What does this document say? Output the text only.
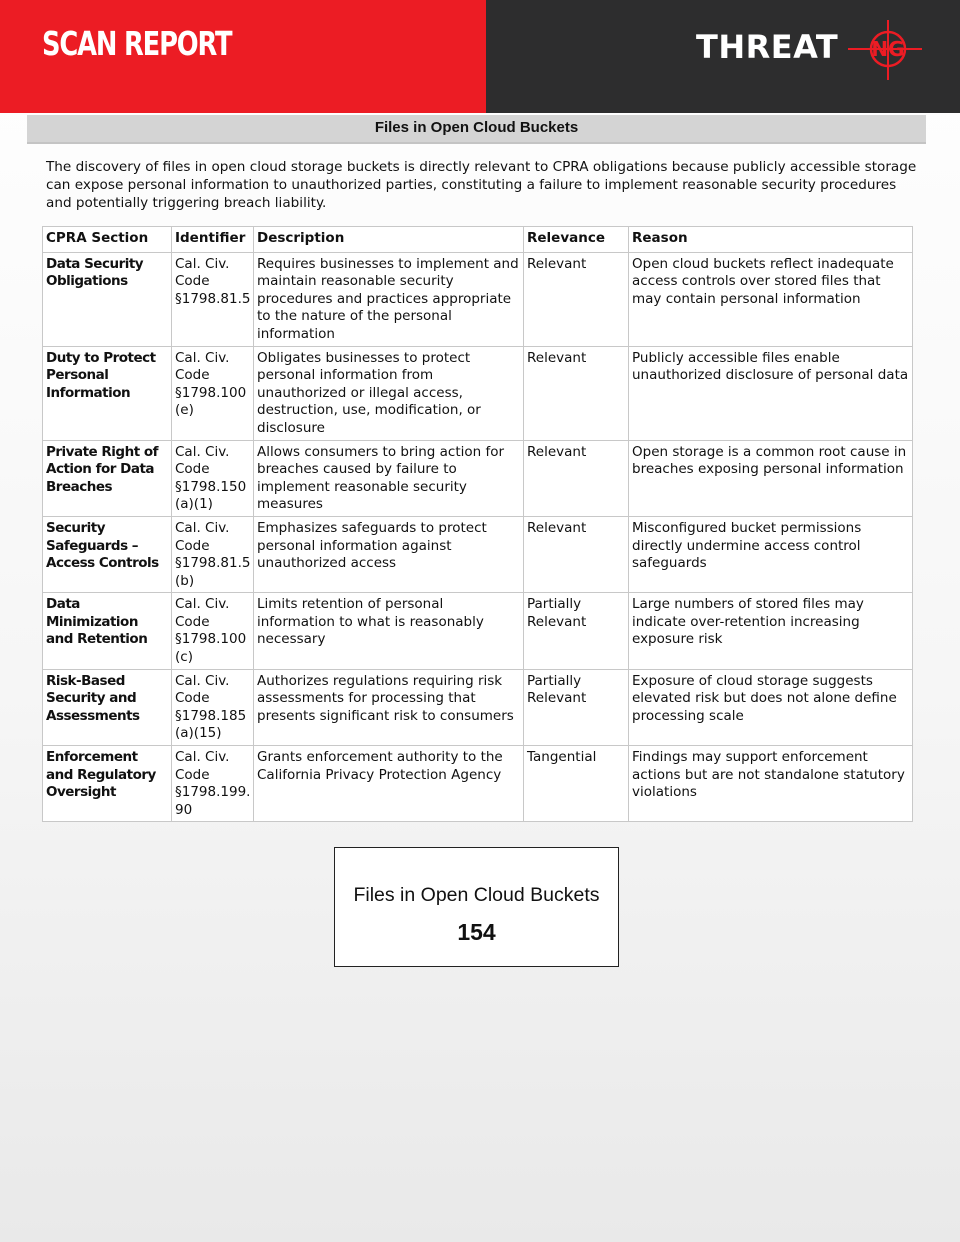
SCAN REPORT	THREAT NG
Files in Open Cloud Buckets

The discovery of files in open cloud storage buckets is directly relevant to CPRA obligations because publicly accessible storage can expose personal information to unauthorized parties, constituting a failure to implement reasonable security procedures and potentially triggering breach liability.

CPRA Section	Identifier	Description	Relevance	Reason
Data Security Obligations	Cal. Civ. Code §1798.81.5	Requires businesses to implement and maintain reasonable security procedures and practices appropriate to the nature of the personal information	Relevant	Open cloud buckets reflect inadequate access controls over stored files that may contain personal information
Duty to Protect Personal Information	Cal. Civ. Code §1798.100 (e)	Obligates businesses to protect personal information from unauthorized or illegal access, destruction, use, modification, or disclosure	Relevant	Publicly accessible files enable unauthorized disclosure of personal data
Private Right of Action for Data Breaches	Cal. Civ. Code §1798.150 (a)(1)	Allows consumers to bring action for breaches caused by failure to implement reasonable security measures	Relevant	Open storage is a common root cause in breaches exposing personal information
Security Safeguards – Access Controls	Cal. Civ. Code §1798.81.5 (b)	Emphasizes safeguards to protect personal information against unauthorized access	Relevant	Misconfigured bucket permissions directly undermine access control safeguards
Data Minimization and Retention	Cal. Civ. Code §1798.100 (c)	Limits retention of personal information to what is reasonably necessary	Partially Relevant	Large numbers of stored files may indicate over-retention increasing exposure risk
Risk-Based Security and Assessments	Cal. Civ. Code §1798.185 (a)(15)	Authorizes regulations requiring risk assessments for processing that presents significant risk to consumers	Partially Relevant	Exposure of cloud storage suggests elevated risk but does not alone define processing scale
Enforcement and Regulatory Oversight	Cal. Civ. Code §1798.199. 90	Grants enforcement authority to the California Privacy Protection Agency	Tangential	Findings may support enforcement actions but are not standalone statutory violations
Files in Open Cloud Buckets
154
